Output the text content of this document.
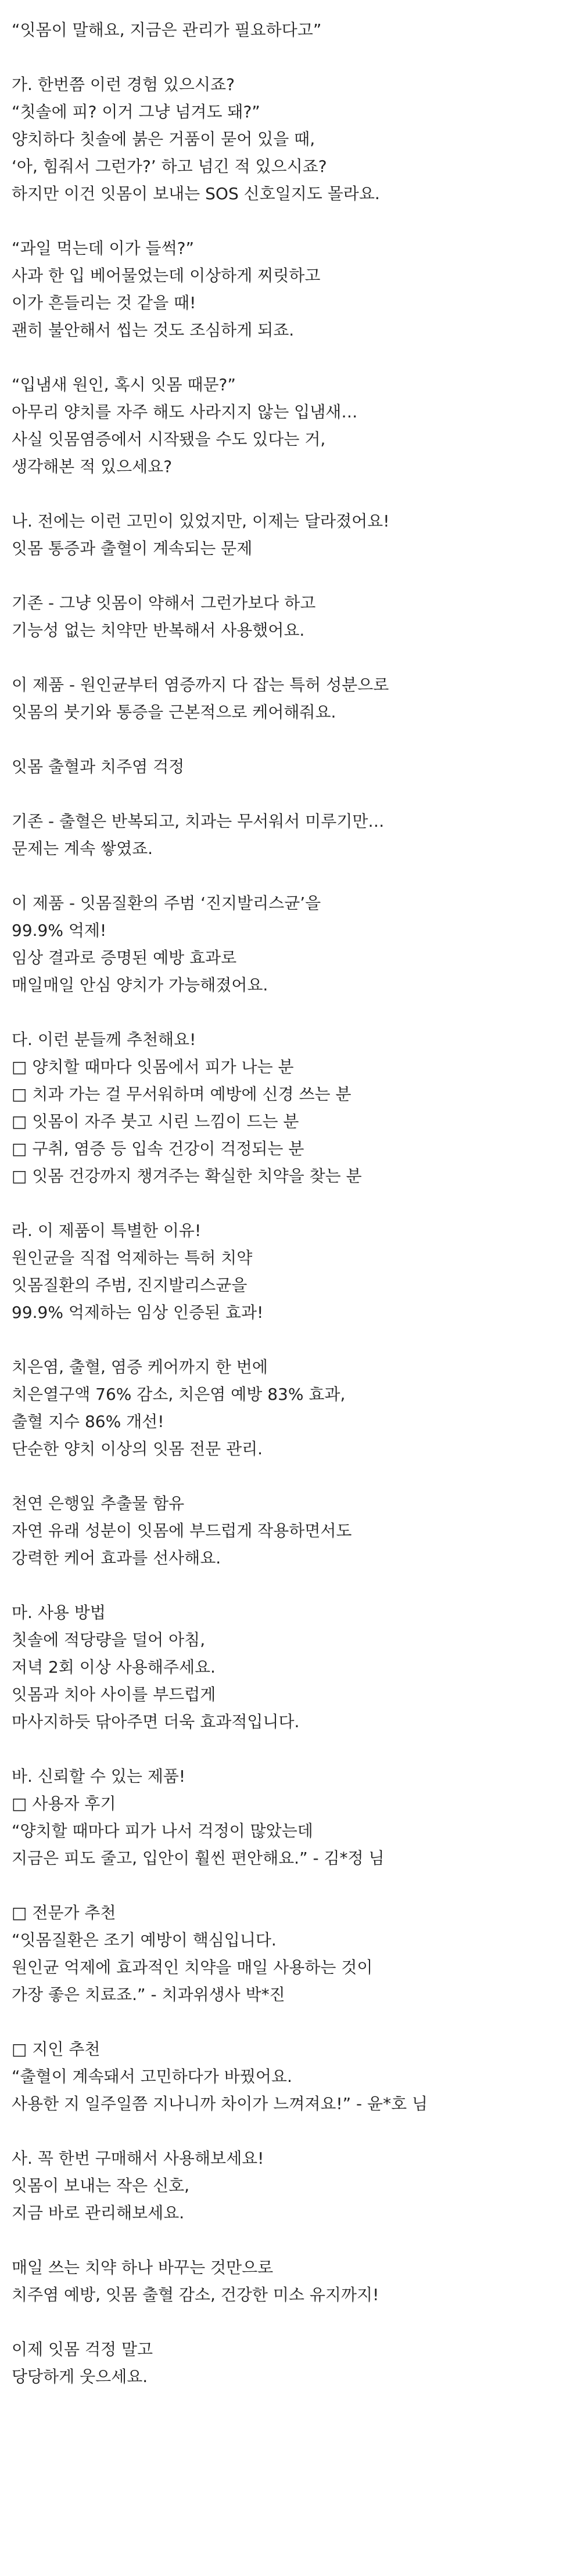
“잇몸이 말해요, 지금은 관리가 필요하다고”
가. 한번쯤 이런 경험 있으시죠?
“칫솔에 피? 이거 그냥 넘겨도 돼?”
양치하다 칫솔에 붉은 거품이 묻어 있을 때,
‘아, 힘줘서 그런가?’ 하고 넘긴 적 있으시죠?
하지만 이건 잇몸이 보내는 SOS 신호일지도 몰라요.
“과일 먹는데 이가 들썩?”
사과 한 입 베어물었는데 이상하게 찌릿하고
이가 흔들리는 것 같을 때!
괜히 불안해서 씹는 것도 조심하게 되죠.
“입냄새 원인, 혹시 잇몸 때문?”
아무리 양치를 자주 해도 사라지지 않는 입냄새…
사실 잇몸염증에서 시작됐을 수도 있다는 거,
생각해본 적 있으세요?
나. 전에는 이런 고민이 있었지만, 이제는 달라졌어요!
잇몸 통증과 출혈이 계속되는 문제
기존 - 그냥 잇몸이 약해서 그런가보다 하고
기능성 없는 치약만 반복해서 사용했어요.
이 제품 - 원인균부터 염증까지 다 잡는 특허 성분으로
잇몸의 붓기와 통증을 근본적으로 케어해줘요.
잇몸 출혈과 치주염 걱정
기존 - 출혈은 반복되고, 치과는 무서워서 미루기만…
문제는 계속 쌓였죠.
이 제품 - 잇몸질환의 주범 ‘진지발리스균’을
99.9% 억제!
임상 결과로 증명된 예방 효과로
매일매일 안심 양치가 가능해졌어요.
다. 이런 분들께 추천해요!
□ 양치할 때마다 잇몸에서 피가 나는 분
□ 치과 가는 걸 무서워하며 예방에 신경 쓰는 분
□ 잇몸이 자주 붓고 시린 느낌이 드는 분
□ 구취, 염증 등 입속 건강이 걱정되는 분
□ 잇몸 건강까지 챙겨주는 확실한 치약을 찾는 분
라. 이 제품이 특별한 이유!
원인균을 직접 억제하는 특허 치약
잇몸질환의 주범, 진지발리스균을
99.9% 억제하는 임상 인증된 효과!
치은염, 출혈, 염증 케어까지 한 번에
치은열구액 76% 감소, 치은염 예방 83% 효과,
출혈 지수 86% 개선!
단순한 양치 이상의 잇몸 전문 관리.
천연 은행잎 추출물 함유
자연 유래 성분이 잇몸에 부드럽게 작용하면서도
강력한 케어 효과를 선사해요.
마. 사용 방법
칫솔에 적당량을 덜어 아침,
저녁 2회 이상 사용해주세요.
잇몸과 치아 사이를 부드럽게
마사지하듯 닦아주면 더욱 효과적입니다.
바. 신뢰할 수 있는 제품!
□ 사용자 후기
“양치할 때마다 피가 나서 걱정이 많았는데
지금은 피도 줄고, 입안이 훨씬 편안해요.” - 김*정 님
□ 전문가 추천
“잇몸질환은 조기 예방이 핵심입니다.
원인균 억제에 효과적인 치약을 매일 사용하는 것이
가장 좋은 치료죠.” - 치과위생사 박*진
□ 지인 추천
“출혈이 계속돼서 고민하다가 바꿨어요.
사용한 지 일주일쯤 지나니까 차이가 느껴져요!” - 윤*호 님
사. 꼭 한번 구매해서 사용해보세요!
잇몸이 보내는 작은 신호,
지금 바로 관리해보세요.
매일 쓰는 치약 하나 바꾸는 것만으로
치주염 예방, 잇몸 출혈 감소, 건강한 미소 유지까지!
이제 잇몸 걱정 말고
당당하게 웃으세요.
